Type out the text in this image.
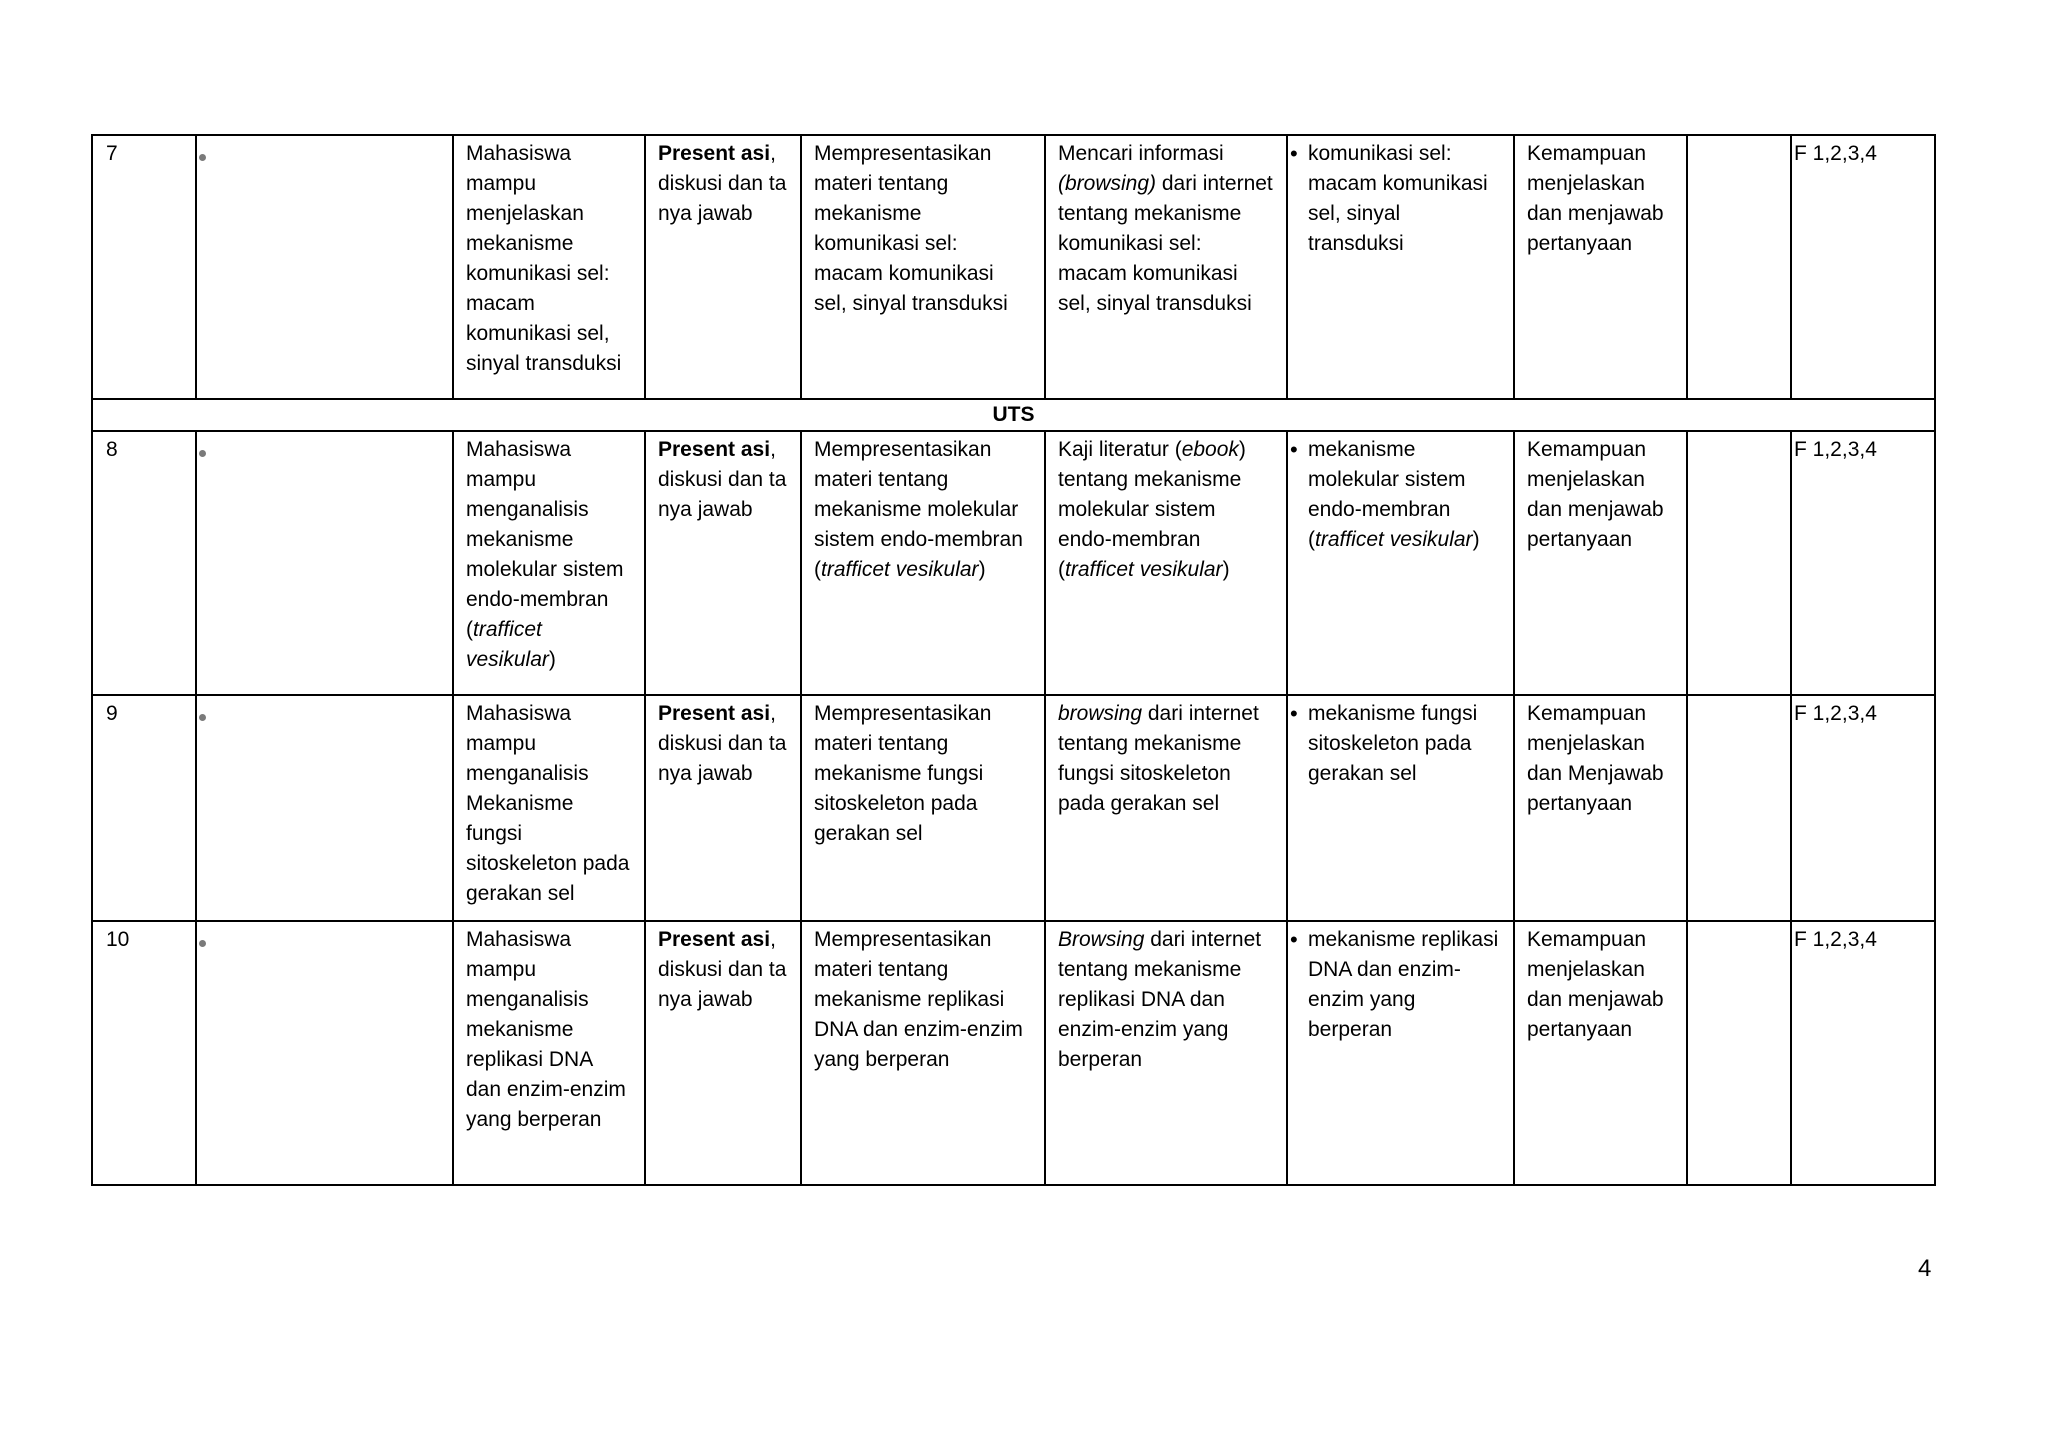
7		Mahasiswa mampu menjelaskan mekanisme komunikasi sel: macam komunikasi sel, sinyal transduksi	Present asi, diskusi dan tanya jawab	Mempresentasikan materi tentang mekanisme komunikasi sel: macam komunikasi sel, sinyal transduksi	Mencari informasi (browsing) dari internet tentang mekanisme komunikasi sel: macam komunikasi sel, sinyal transduksi	• komunikasi sel: macam komunikasi sel, sinyal transduksi	Kemampuan menjelaskan dan menjawab pertanyaan		F 1,2,3,4
UTS									
8		Mahasiswa mampu menganalisis mekanisme molekular sistem endo-membran (trafficet vesikular)	Present asi, diskusi dan tanya jawab	Mempresentasikan materi tentang mekanisme molekular sistem endo-membran (trafficet vesikular)	Kaji literatur (ebook) tentang mekanisme molekular sistem endo-membran (trafficet vesikular)	• mekanisme molekular sistem endo-membran (trafficet vesikular)	Kemampuan menjelaskan dan menjawab pertanyaan		F 1,2,3,4
9		Mahasiswa mampu menganalisis Mekanisme fungsi sitoskeleton pada gerakan sel	Present asi, diskusi dan tanya jawab	Mempresentasikan materi tentang mekanisme fungsi sitoskeleton pada gerakan sel	browsing dari internet tentang mekanisme fungsi sitoskeleton pada gerakan sel	• mekanisme fungsi sitoskeleton pada gerakan sel	Kemampuan menjelaskan dan Menjawab pertanyaan		F 1,2,3,4
10		Mahasiswa mampu menganalisis mekanisme replikasi DNA dan enzim-enzim yang berperan	Present asi, diskusi dan tanya jawab	Mempresentasikan materi tentang mekanisme replikasi DNA dan enzim-enzim yang berperan	Browsing dari internet tentang mekanisme replikasi DNA dan enzim-enzim yang berperan	• mekanisme replikasi DNA dan enzim-enzim yang berperan	Kemampuan menjelaskan dan menjawab pertanyaan		F 1,2,3,4
4
